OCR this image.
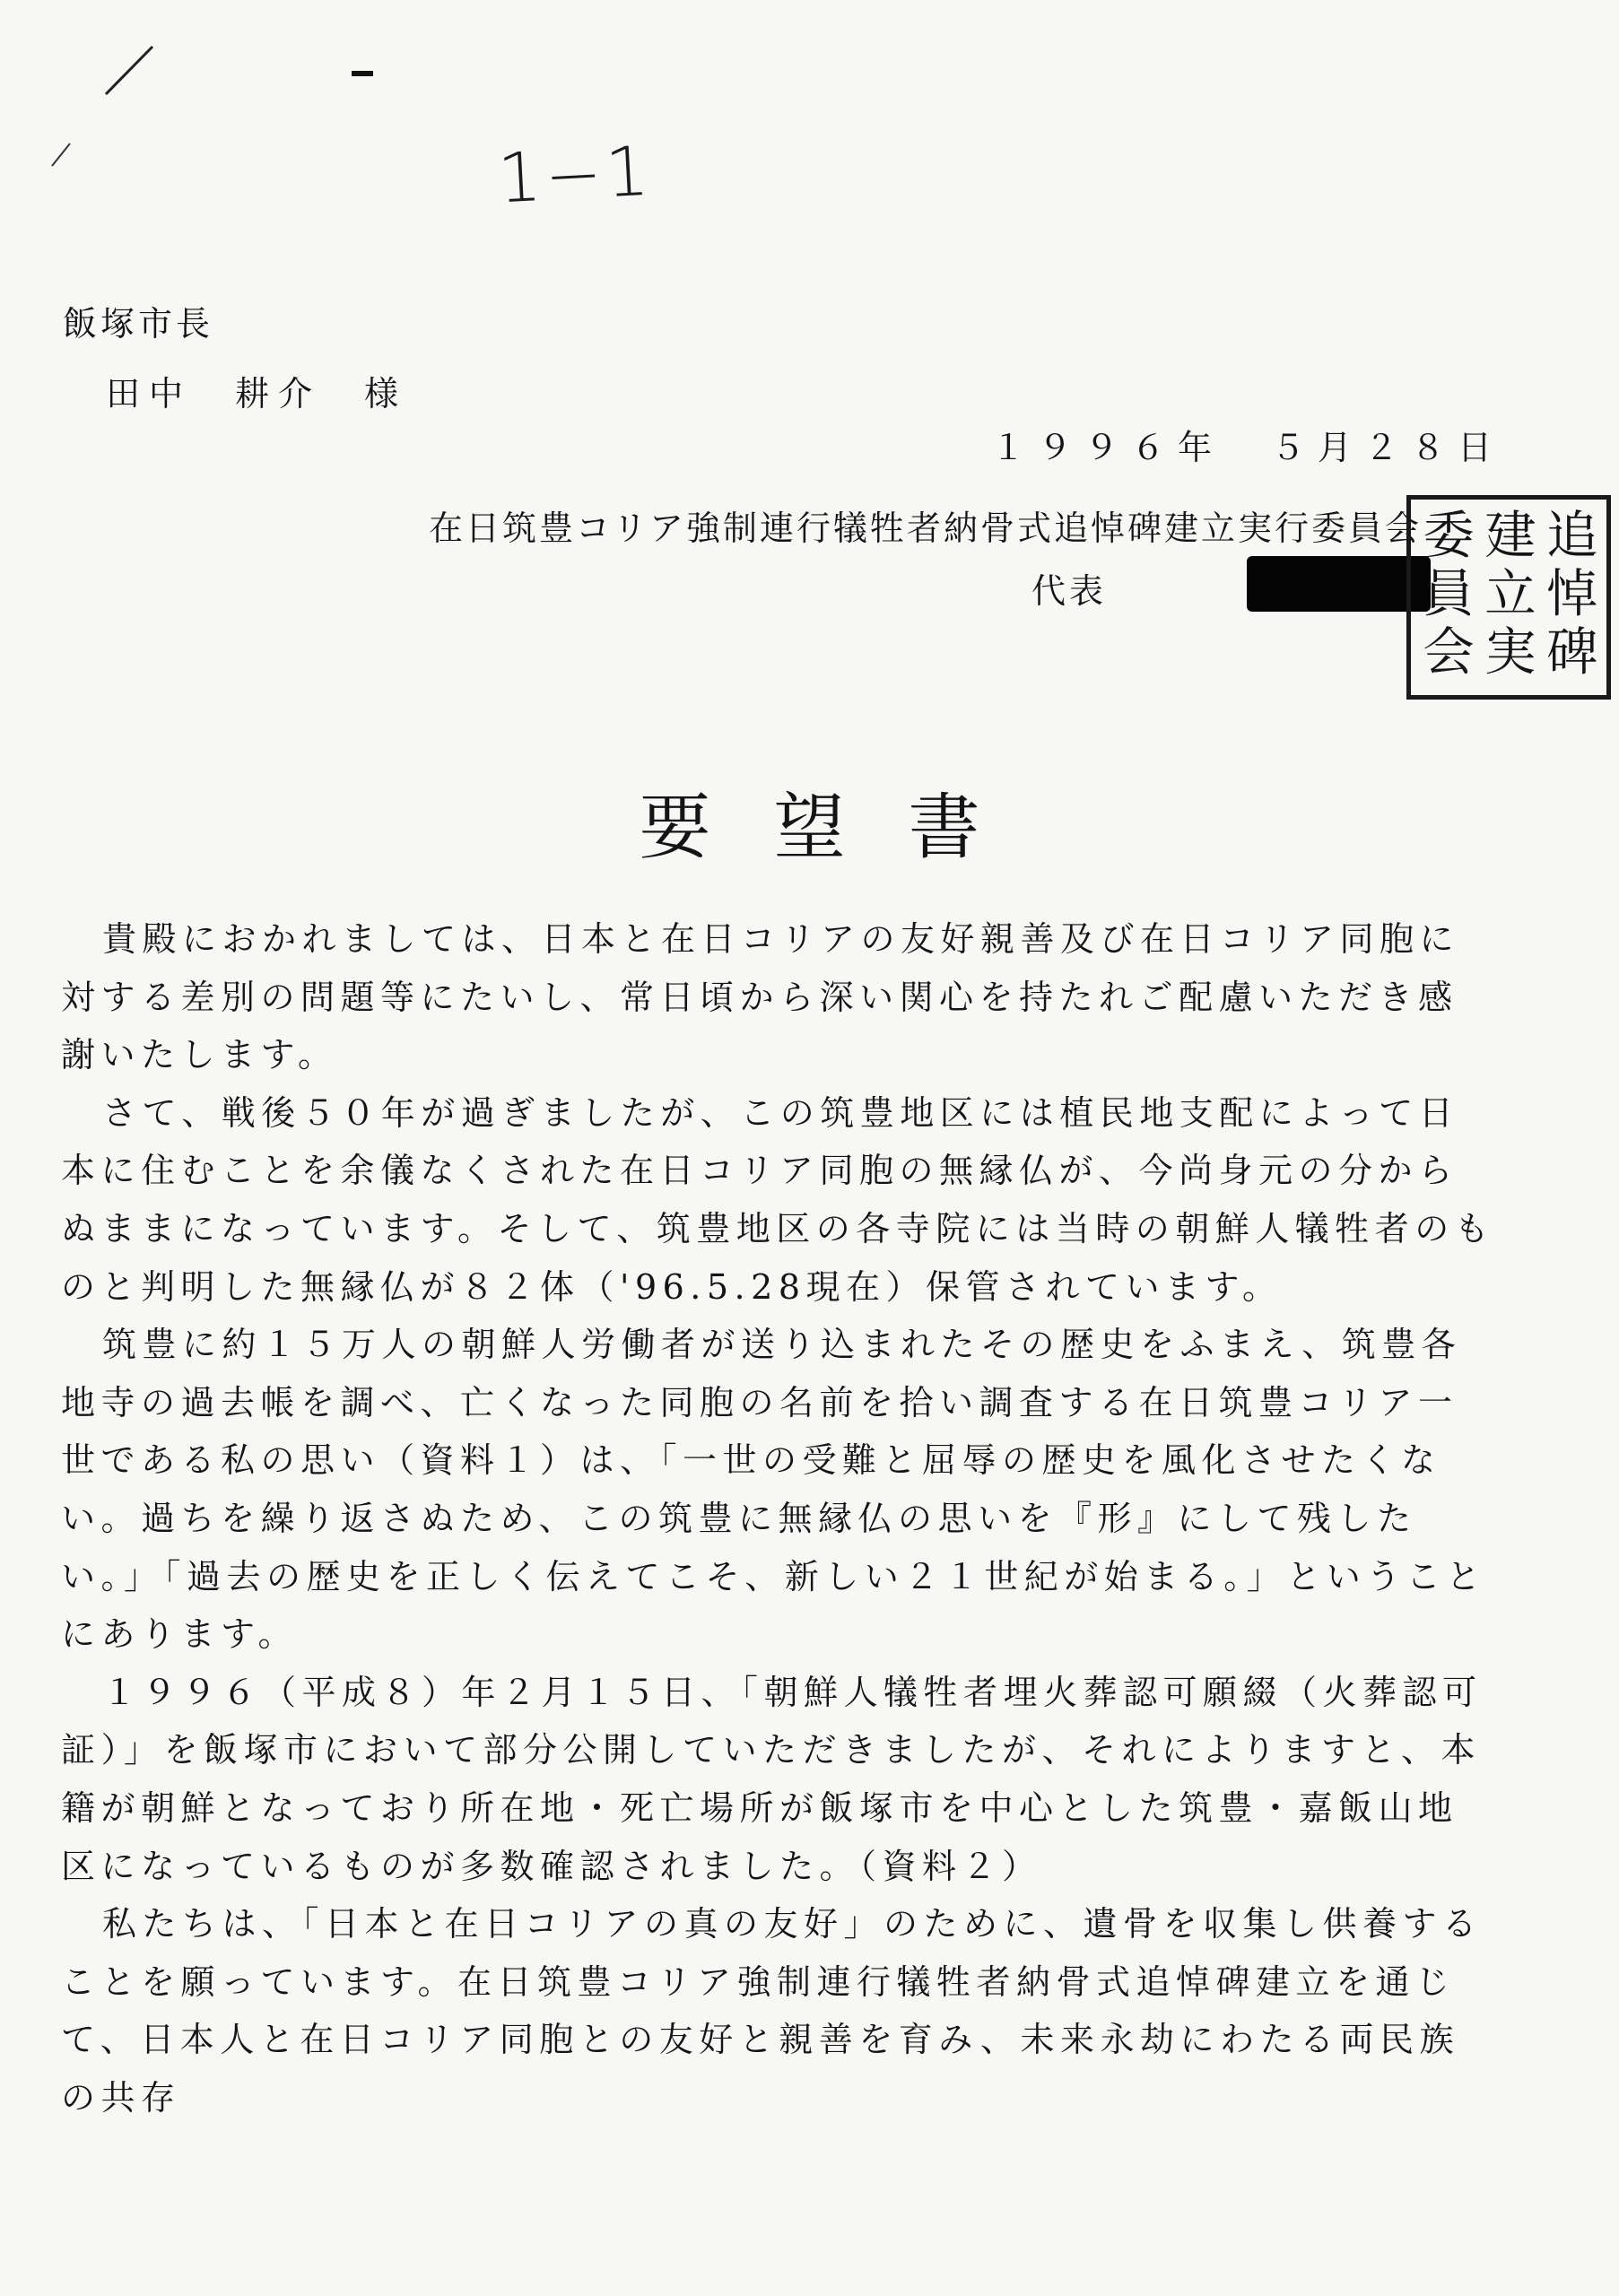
1−1
飯塚市長
田中　耕介　様
１９９６年　５月２８日
在日筑豊コリア強制連行犠牲者納骨式追悼碑建立実行委員会
代表
追
悼
碑
建
立
実
委
員
会
要望書

貴殿におかれましては、日本と在日コリアの友好親善及び在日コリア同胞に対する差別の問題等にたいし、常日頃から深い関心を持たれご配慮いただき感謝いたします。

さて、戦後５０年が過ぎましたが、この筑豊地区には植民地支配によって日本に住むことを余儀なくされた在日コリア同胞の無縁仏が、今尚身元の分からぬままになっています。そして、筑豊地区の各寺院には当時の朝鮮人犠牲者のものと判明した無縁仏が８２体（'96.5.28現在）保管されています。

筑豊に約１５万人の朝鮮人労働者が送り込まれたその歴史をふまえ、筑豊各地寺の過去帳を調べ、亡くなった同胞の名前を拾い調査する在日筑豊コリア一世である私の思い（資料１）は、「一世の受難と屈辱の歴史を風化させたくない。過ちを繰り返さぬため、この筑豊に無縁仏の思いを『形』にして残したい。」「過去の歴史を正しく伝えてこそ、新しい２１世紀が始まる。」ということにあります。

１９９６（平成８）年２月１５日、「朝鮮人犠牲者埋火葬認可願綴（火葬認可証）」を飯塚市において部分公開していただきましたが、それによりますと、本籍が朝鮮となっており所在地・死亡場所が飯塚市を中心とした筑豊・嘉飯山地区になっているものが多数確認されました。（資料２）

私たちは、「日本と在日コリアの真の友好」のために、遺骨を収集し供養することを願っています。在日筑豊コリア強制連行犠牲者納骨式追悼碑建立を通じて、日本人と在日コリア同胞との友好と親善を育み、未来永劫にわたる両民族の共存
